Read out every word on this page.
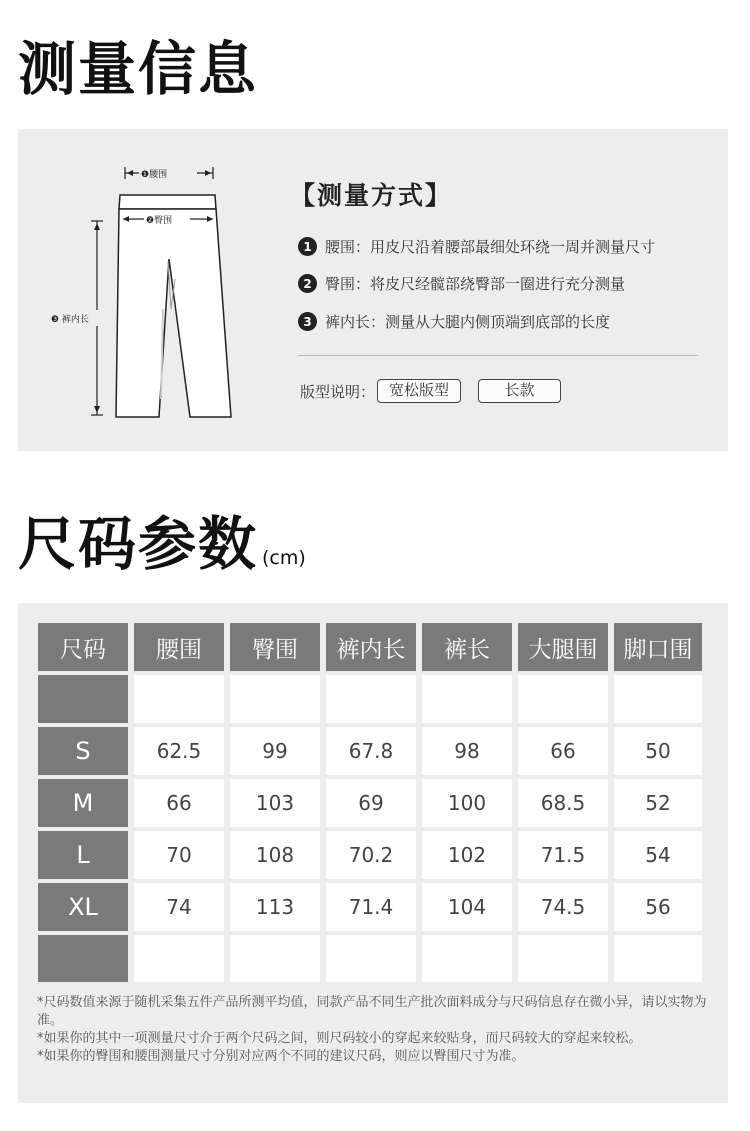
测量信息
❶腰围
❷臀围
❸ 裤内长
【测量方式】
1 腰围：用皮尺沿着腰部最细处环绕一周并测量尺寸
2 臀围：将皮尺经髋部绕臀部一圈进行充分测量
3 裤内长：测量从大腿内侧顶端到底部的长度
版型说明： 宽松版型	长款
尺码参数 (cm)
尺码	腰围	臀围	裤内长	裤长	大腿围	脚口围
S	62.5	99	67.8	98	66	50
M	66	103	69	100	68.5	52
L	70	108	70.2	102	71.5	54
XL	74	113	71.4	104	74.5	56

*尺码数值来源于随机采集五件产品所测平均值，同款产品不同生产批次面料成分与尺码信息存在微小异，请以实物为准。

*如果你的其中一项测量尺寸介于两个尺码之间，则尺码较小的穿起来较贴身，而尺码较大的穿起来较松。

*如果你的臀围和腰围测量尺寸分别对应两个不同的建议尺码，则应以臀围尺寸为准。
